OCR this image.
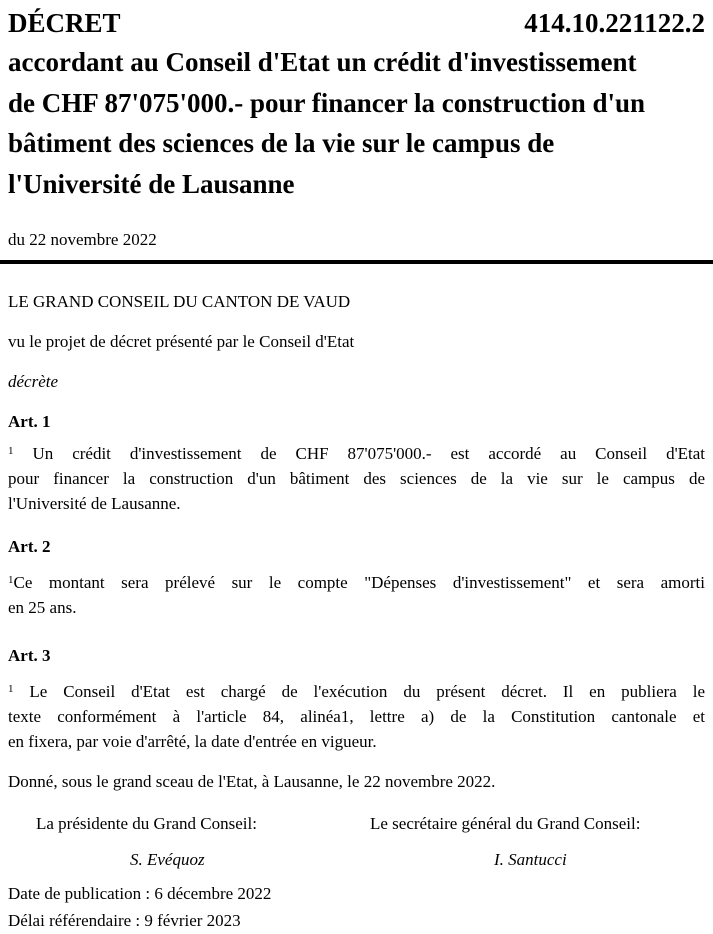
DÉCRET	414.10.221122.2
accordant au Conseil d'Etat un crédit d'investissement
de CHF 87'075'000.- pour financer la construction d'un
bâtiment des sciences de la vie sur le campus de
l'Université de Lausanne
du 22 novembre 2022
LE GRAND CONSEIL DU CANTON DE VAUD
vu le projet de décret présenté par le Conseil d'Etat
décrète
Art. 1
$^1$ Un crédit d'investissement de CHF 87'075'000.- est accordé au Conseil d'Etat
pour financer la construction d'un bâtiment des sciences de la vie sur le campus de
l'Université de Lausanne.
Art. 2
$^1$Ce montant sera prélevé sur le compte "Dépenses d'investissement" et sera amorti
en 25 ans.
Art. 3
$^1$ Le Conseil d'Etat est chargé de l'exécution du présent décret. Il en publiera le
texte conformément à l'article 84, alinéa1, lettre a) de la Constitution cantonale et
en fixera, par voie d'arrêté, la date d'entrée en vigueur.
Donné, sous le grand sceau de l'Etat, à Lausanne, le 22 novembre 2022.
La présidente du Grand Conseil:	Le secrétaire général du Grand Conseil:
S. Evéquoz	I. Santucci
Date de publication : 6 décembre 2022
Délai référendaire : 9 février 2023
